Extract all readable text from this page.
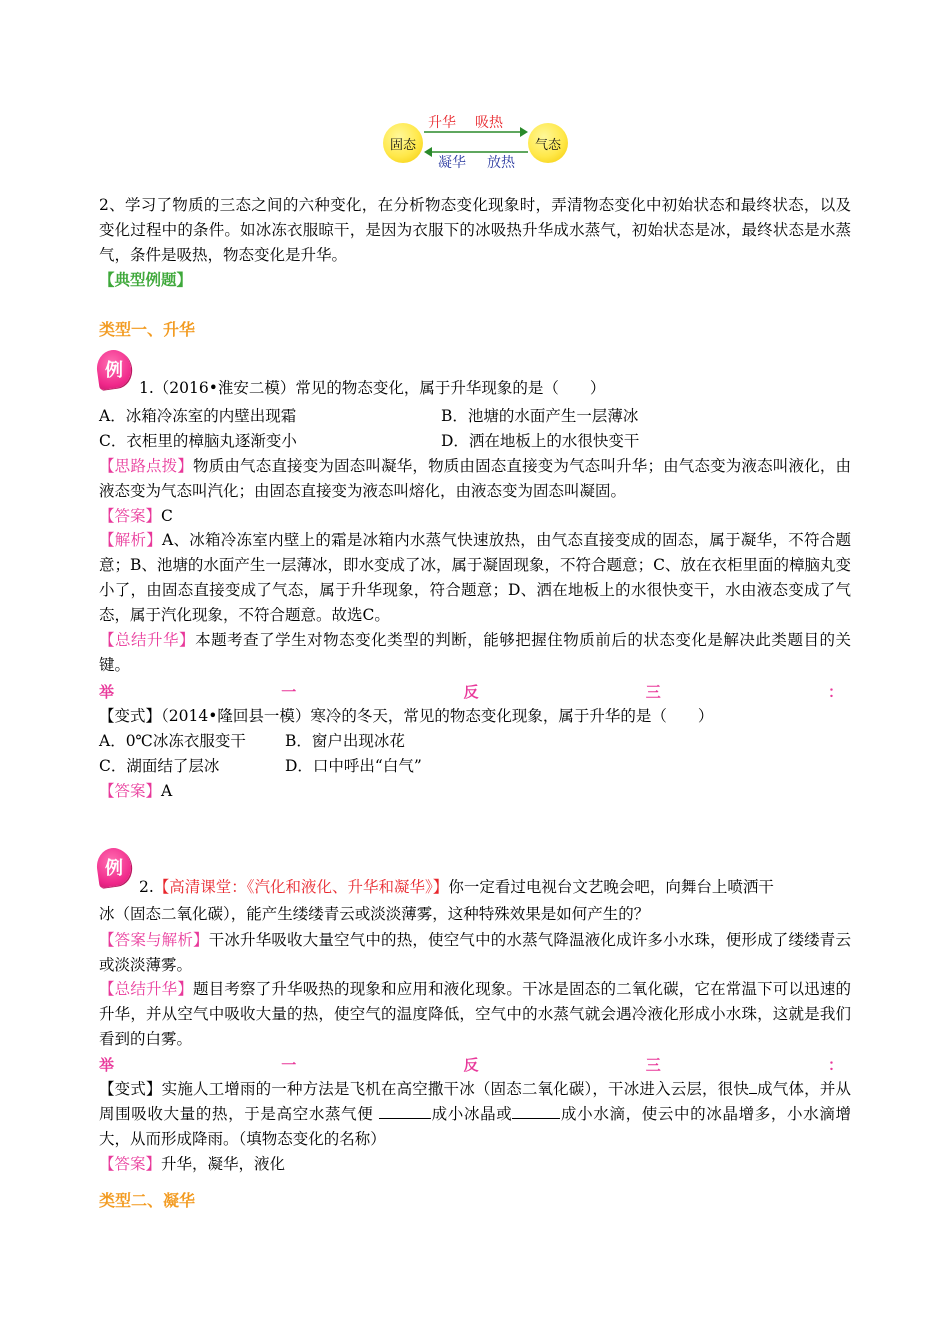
固态	气态
升华 吸热
凝华 放热
2、学习了物质的三态之间的六种变化，在分析物态变化现象时，弄清物态变化中初始状态和最终状态，以及变化过程中的条件。如冰冻衣服晾干，是因为衣服下的冰吸热升华成水蒸气，初始状态是冰，最终状态是水蒸气，条件是吸热，物态变化是升华。
【典型例题】
类型一、升华
例
1.（2016•淮安二模）常见的物态变化，属于升华现象的是（　　）
A．冰箱冷冻室的内壁出现霜	B．池塘的水面产生一层薄冰
C．衣柜里的樟脑丸逐渐变小	D．洒在地板上的水很快变干
【思路点拨】物质由气态直接变为固态叫凝华，物质由固态直接变为气态叫升华；由气态变为液态叫液化，由液态变为气态叫汽化；由固态直接变为液态叫熔化，由液态变为固态叫凝固。
【答案】C
【解析】A、冰箱冷冻室内壁上的霜是冰箱内水蒸气快速放热，由气态直接变成的固态，属于凝华，不符合题意；B、池塘的水面产生一层薄冰，即水变成了冰，属于凝固现象，不符合题意；C、放在衣柜里面的樟脑丸变小了，由固态直接变成了气态，属于升华现象，符合题意；D、洒在地板上的水很快变干，水由液态变成了气态，属于汽化现象，不符合题意。故选C。
【总结升华】本题考查了学生对物态变化类型的判断，能够把握住物质前后的状态变化是解决此类题目的关键。
举	一	反	三	：
【变式】（2014•隆回县一模）寒冷的冬天，常见的物态变化现象，属于升华的是（　　）
A．0℃冰冻衣服变干	B．窗户出现冰花
C．湖面结了层冰	D．口中呼出“白气”
【答案】A
例
2.【高清课堂：《汽化和液化、升华和凝华》】你一定看过电视台文艺晚会吧，向舞台上喷洒干
冰（固态二氧化碳），能产生缕缕青云或淡淡薄雾，这种特殊效果是如何产生的？
【答案与解析】干冰升华吸收大量空气中的热，使空气中的水蒸气降温液化成许多小水珠，便形成了缕缕青云或淡淡薄雾。
【总结升华】题目考察了升华吸热的现象和应用和液化现象。干冰是固态的二氧化碳，它在常温下可以迅速的升华，并从空气中吸收大量的热，使空气的温度降低，空气中的水蒸气就会遇冷液化形成小水珠，这就是我们看到的白雾。
举	一	反	三	：
【变式】实施人工增雨的一种方法是飞机在高空撒干冰（固态二氧化碳），干冰进入云层，很快 成气体，并从周围吸收大量的热，于是高空水蒸气便	成小冰晶或	成小水滴，使云中的冰晶增多，小水滴增大，从而形成降雨。（填物态变化的名称）
【答案】升华，凝华，液化
类型二、凝华
